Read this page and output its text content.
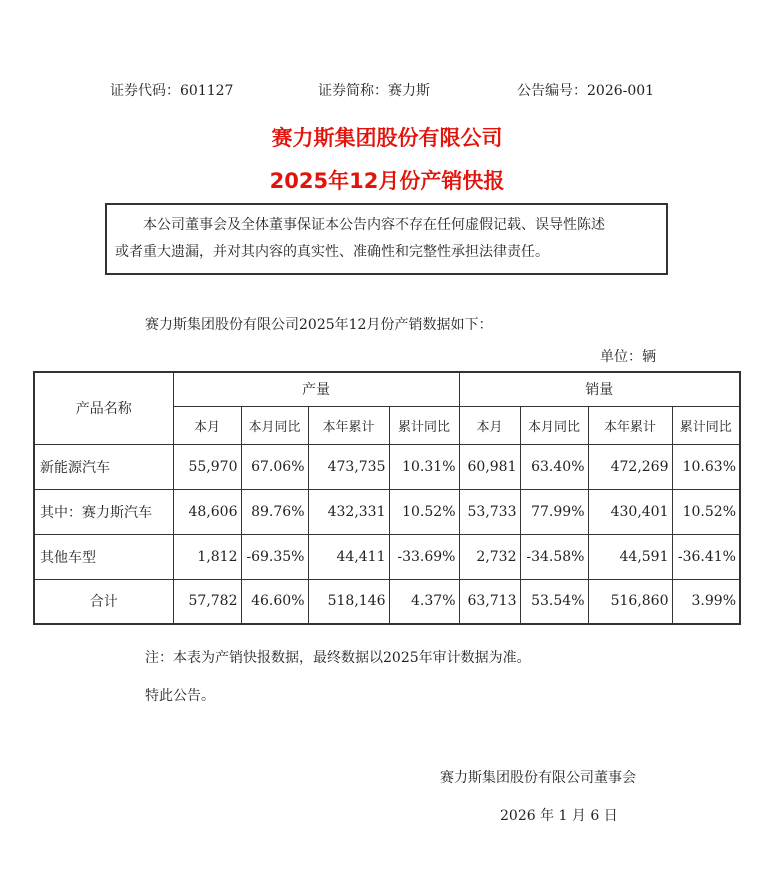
证券代码：601127	证券简称：赛力斯	公告编号：2026-001
赛力斯集团股份有限公司
2025年12月份产销快报

本公司董事会及全体董事保证本公告内容不存在任何虚假记载、误导性陈述

或者重大遗漏，并对其内容的真实性、准确性和完整性承担法律责任。

赛力斯集团股份有限公司2025年12月份产销数据如下：
单位：辆
产品名称	产量				销量			
	本月	本月同比	本年累计	累计同比	本月	本月同比	本年累计	累计同比
新能源汽车	55,970	67.06%	473,735	10.31%	60,981	63.40%	472,269	10.63%
其中：赛力斯汽车	48,606	89.76%	432,331	10.52%	53,733	77.99%	430,401	10.52%
其他车型	1,812	-69.35%	44,411	-33.69%	2,732	-34.58%	44,591	-36.41%
合计	57,782	46.60%	518,146	4.37%	63,713	53.54%	516,860	3.99%
注：本表为产销快报数据，最终数据以2025年审计数据为准。
特此公告。
赛力斯集团股份有限公司董事会
2026 年 1 月 6 日
